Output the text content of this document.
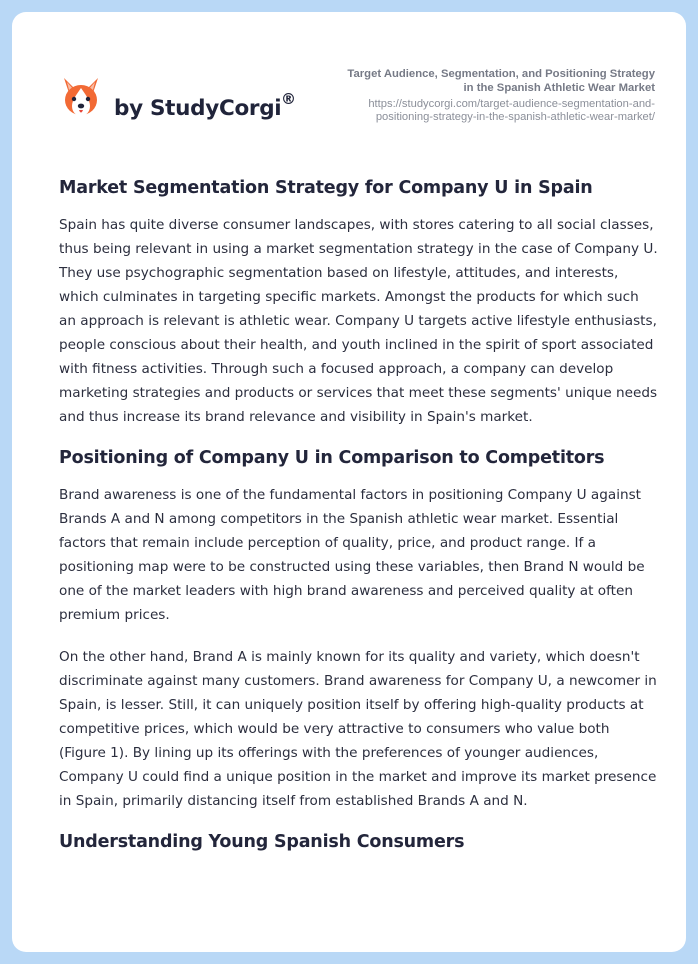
by StudyCorgi ®
Target Audience, Segmentation, and Positioning Strategy
in the Spanish Athletic Wear Market
https://studycorgi.com/target-audience-segmentation-and-
positioning-strategy-in-the-spanish-athletic-wear-market/
Market Segmentation Strategy for Company U in Spain

Spain has quite diverse consumer landscapes, with stores catering to all social classes, thus being relevant in using a market segmentation strategy in the case of Company U. They use psychographic segmentation based on lifestyle, attitudes, and interests, which culminates in targeting specific markets. Amongst the products for which such an approach is relevant is athletic wear. Company U targets active lifestyle enthusiasts, people conscious about their health, and youth inclined in the spirit of sport associated with fitness activities. Through such a focused approach, a company can develop marketing strategies and products or services that meet these segments' unique needs and thus increase its brand relevance and visibility in Spain's market.

Positioning of Company U in Comparison to Competitors

Brand awareness is one of the fundamental factors in positioning Company U against Brands A and N among competitors in the Spanish athletic wear market. Essential factors that remain include perception of quality, price, and product range. If a positioning map were to be constructed using these variables, then Brand N would be one of the market leaders with high brand awareness and perceived quality at often premium prices.

On the other hand, Brand A is mainly known for its quality and variety, which doesn't discriminate against many customers. Brand awareness for Company U, a newcomer in Spain, is lesser. Still, it can uniquely position itself by offering high-quality products at competitive prices, which would be very attractive to consumers who value both (Figure 1). By lining up its offerings with the preferences of younger audiences, Company U could find a unique position in the market and improve its market presence in Spain, primarily distancing itself from established Brands A and N.

Understanding Young Spanish Consumers
